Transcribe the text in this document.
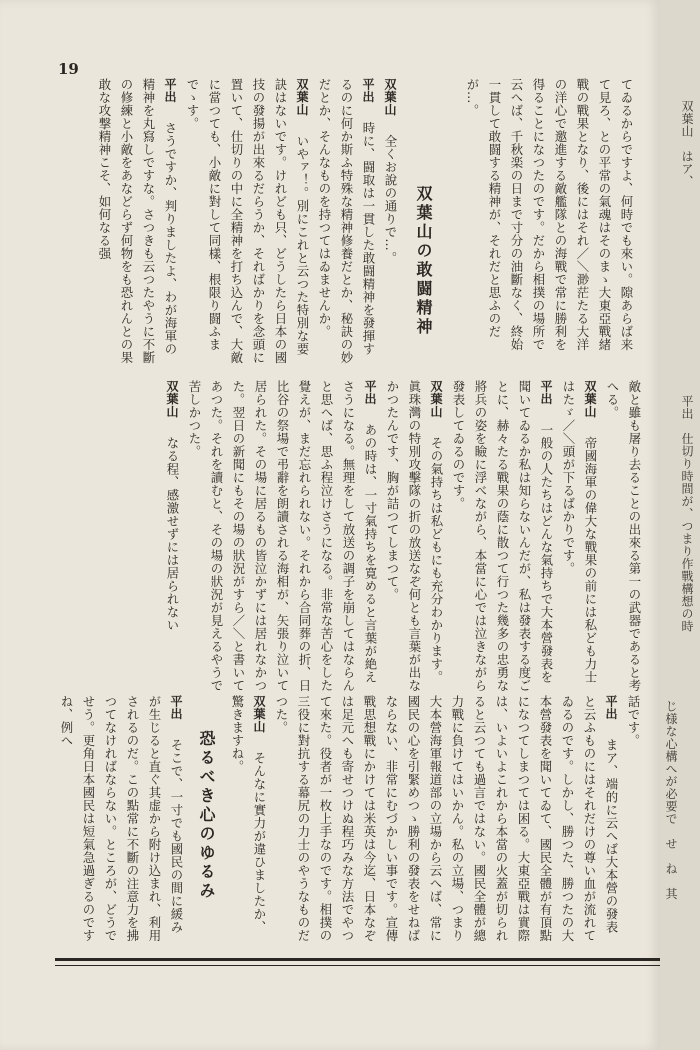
19
てゐるからですよ、何時でも來い。隙あらば来て見ろ、との平常の氣魂はそのまゝ大東亞戰緒戰の戰果となり、後にはそれ／＼渺茫たる大洋の洋心で邀進する敵艦隊との海戰で常に勝利を得ることになつたのです。だから相撲の場所で云へば、千秋楽の日まで寸分の油斷なく、終始一貫して敢闘する精神が、それだと思ふのだが…。
双葉山の敢闘精神
双葉山　全くお說の通りで…。
平出　時に、闘取は一貫した敢闘精神を發揮するのに何か斯ふ特殊な精神修養だとか、秘訣の妙だとか、そんなものを持つてはゐませんか。
双葉山　いやァ！。別にこれと云つた特別な要訣はないです。けれども只、どうしたら日本の國技の發揚が出來るだらうか、そればかりを念頭に置いて、仕切りの中に全精神を打ち込んで、大敵に當つても、小敵に對して同樣、根限り闘ふまでゝす。
平出　さうですか、判りましたよ、わが海軍の精神を丸寫しですな。さつきも云つたやうに不斷の修練と小敵をあなどらず何物をも恐れんとの果敢な攻撃精神こそ、如何なる强
敵と雖も屠り去ることの出來る第一の武器であると考へる。
双葉山　帝國海軍の偉大な戰果の前には私ども力士はたゞ／＼頭が下るばかりです。
平出　一般の人たちはどんな氣持ちで大本營發表を聞いてゐるか私は知らないんだが、私は發表する度ごとに、赫々たる戰果の蔭に散つて行つた幾多の忠勇な將兵の姿を瞼に浮べながら、本當に心では泣きながら發表してゐるのです。
双葉山　その氣持ちは私どもにも充分わかります。眞珠灣の特別攻擊隊の折の放送なぞ何とも言葉が出なかつたんです、胸が詰つてしまつて。
平出　あの時は、一寸氣持ちを寛めると言葉が絶えさうになる。無理をして放送の調子を崩してはならんと思へば、思ふ程泣けさうになる。非常な苦心をした覺えが、まだ忘れられない。それから合同葬の折、日比谷の祭場で弔辭を朗讀される海相が、矢張り泣いて居られた。その場に居るもの皆泣かずには居れなかつた。翌日の新聞にもその場の狀況がすら／＼と書いてあつた。それを讀むと、その場の狀況が見えるやうで苦しかつた。
双葉山　なる程、感激せずには居られない
話です。
平出　まア、端的に云へば大本營の發表と云ふものにはそれだけの尊い血が流れてゐるのです。しかし、勝つた、勝つたの大本營發表を聞いてゐて、國民全體が有頂點になつてしまつては困る。大東亞戰は實際は、いよいよこれから本當の火蓋が切られると云つても過言ではない。國民全體が總力戰に負けてはいかん。私の立場、つまり大本營海軍報道部の立場から云へば、常に國民の心を引緊めつゝ勝利の發表をせねばならない、非常にむづかしい事です。宣傳戰思想戰にかけては米英は今迄、日本なぞは足元へも寄せつけぬ程巧みな方法でやつて來た。役者が一枚上手なのです。相撲の三役に對抗する幕尻の力士のやうなものだつた。
双葉山　そんなに實力が違ひましたか、驚きますね。
恐るべき心のゆるみ
平出　そこで、一寸でも國民の間に緩みが生じると直ぐ其虚から附け込まれ、利用されるのだ。この點常に不斷の注意力を拂つてなければならない。ところが、どうでせう。更角日本國民は短氣急過ぎるのですね、例へ
双葉山　はア、
平出　仕切り時間が、つまり作戰構想の時
じ様な心構へが必要で　せ　ね　其
